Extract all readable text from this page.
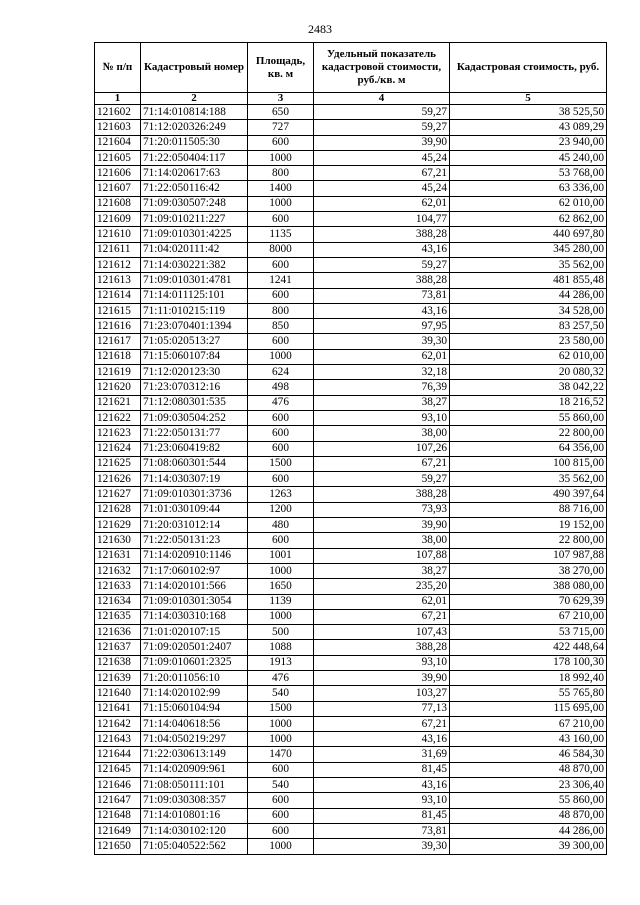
2483
№ п/п	Кадастровый номер	Площадь, кв. м	Удельный показатель кадастровой стоимости, руб./кв. м	Кадастровая стоимость, руб.
1	2	3	4	5
121602	71:14:010814:188	650	59,27	38 525,50
121603	71:12:020326:249	727	59,27	43 089,29
121604	71:20:011505:30	600	39,90	23 940,00
121605	71:22:050404:117	1000	45,24	45 240,00
121606	71:14:020617:63	800	67,21	53 768,00
121607	71:22:050116:42	1400	45,24	63 336,00
121608	71:09:030507:248	1000	62,01	62 010,00
121609	71:09:010211:227	600	104,77	62 862,00
121610	71:09:010301:4225	1135	388,28	440 697,80
121611	71:04:020111:42	8000	43,16	345 280,00
121612	71:14:030221:382	600	59,27	35 562,00
121613	71:09:010301:4781	1241	388,28	481 855,48
121614	71:14:011125:101	600	73,81	44 286,00
121615	71:11:010215:119	800	43,16	34 528,00
121616	71:23:070401:1394	850	97,95	83 257,50
121617	71:05:020513:27	600	39,30	23 580,00
121618	71:15:060107:84	1000	62,01	62 010,00
121619	71:12:020123:30	624	32,18	20 080,32
121620	71:23:070312:16	498	76,39	38 042,22
121621	71:12:080301:535	476	38,27	18 216,52
121622	71:09:030504:252	600	93,10	55 860,00
121623	71:22:050131:77	600	38,00	22 800,00
121624	71:23:060419:82	600	107,26	64 356,00
121625	71:08:060301:544	1500	67,21	100 815,00
121626	71:14:030307:19	600	59,27	35 562,00
121627	71:09:010301:3736	1263	388,28	490 397,64
121628	71:01:030109:44	1200	73,93	88 716,00
121629	71:20:031012:14	480	39,90	19 152,00
121630	71:22:050131:23	600	38,00	22 800,00
121631	71:14:020910:1146	1001	107,88	107 987,88
121632	71:17:060102:97	1000	38,27	38 270,00
121633	71:14:020101:566	1650	235,20	388 080,00
121634	71:09:010301:3054	1139	62,01	70 629,39
121635	71:14:030310:168	1000	67,21	67 210,00
121636	71:01:020107:15	500	107,43	53 715,00
121637	71:09:020501:2407	1088	388,28	422 448,64
121638	71:09:010601:2325	1913	93,10	178 100,30
121639	71:20:011056:10	476	39,90	18 992,40
121640	71:14:020102:99	540	103,27	55 765,80
121641	71:15:060104:94	1500	77,13	115 695,00
121642	71:14:040618:56	1000	67,21	67 210,00
121643	71:04:050219:297	1000	43,16	43 160,00
121644	71:22:030613:149	1470	31,69	46 584,30
121645	71:14:020909:961	600	81,45	48 870,00
121646	71:08:050111:101	540	43,16	23 306,40
121647	71:09:030308:357	600	93,10	55 860,00
121648	71:14:010801:16	600	81,45	48 870,00
121649	71:14:030102:120	600	73,81	44 286,00
121650	71:05:040522:562	1000	39,30	39 300,00
